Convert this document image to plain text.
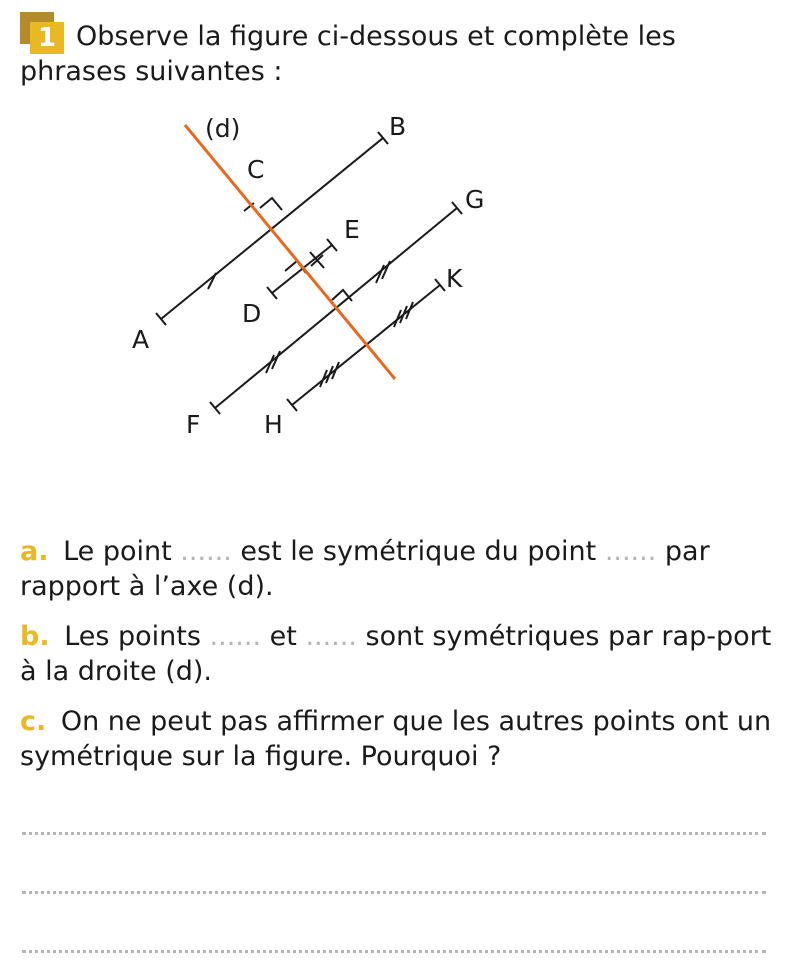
1 Observe la figure ci-dessous et complète les phrases suivantes :

(d)	B
C
E
G
K
D
A
F	H

a. Le point ...... est le symétrique du point ...... par rapport à l’axe (d).

b. Les points ...... et ...... sont symétriques par rap-port à la droite (d).

c. On ne peut pas affirmer que les autres points ont un symétrique sur la figure. Pourquoi ?
